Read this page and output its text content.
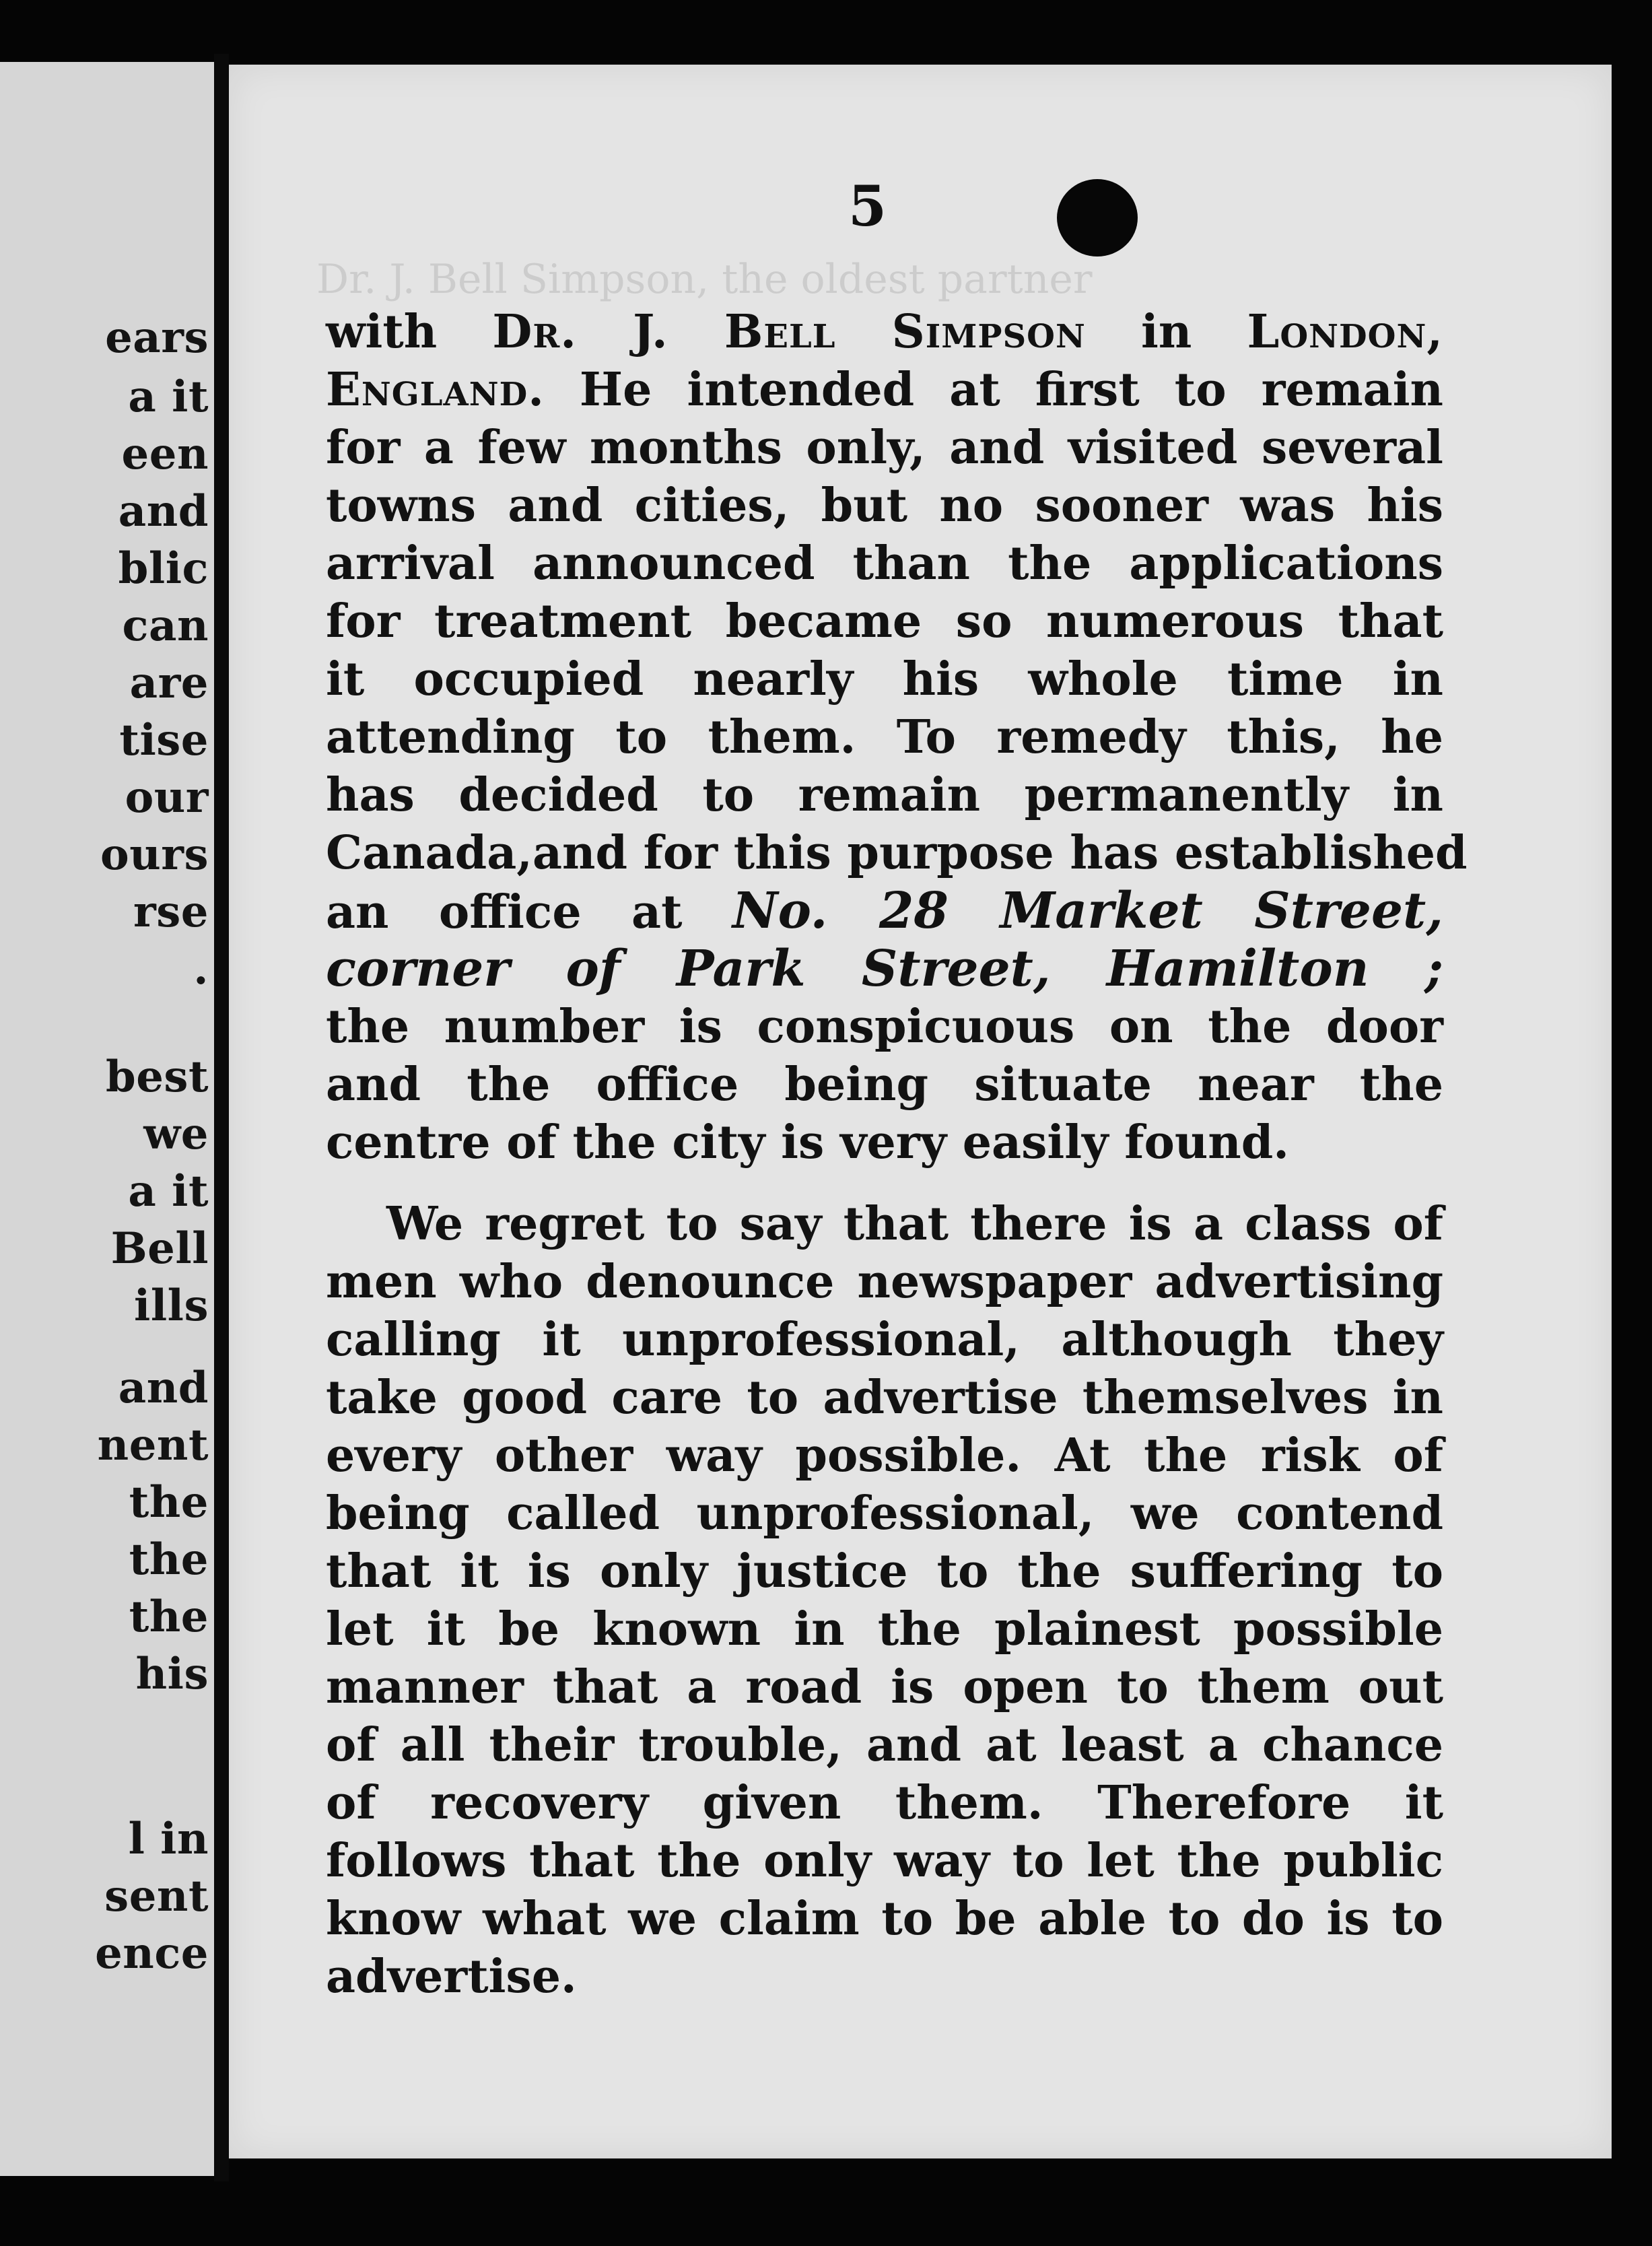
ears

a it

een

and

blic

can

are

tise

our

ours

rse

.

best

we

a it

Bell

ills

and

nent

the

the

the

his

l in

sent

ence

5

Dr. J. Bell Simpson, the oldest partner

with Dr. J. Bell Simpson in London,
England. He intended at first to remain
for a few months only, and visited several
towns and cities, but no sooner was his
arrival announced than the applications
for treatment became so numerous that
it occupied nearly his whole time in
attending to them. To remedy this, he
has decided to remain permanently in
Canada,and for this purpose has established
an office at No. 28 Market Street,
corner of Park Street, Hamilton ;
the number is conspicuous on the door
and the office being situate near the
centre of the city is very easily found.
We regret to say that there is a class of
men who denounce newspaper advertising
calling it unprofessional, although they
take good care to advertise themselves in
every other way possible. At the risk of
being called unprofessional, we contend
that it is only justice to the suffering to
let it be known in the plainest possible
manner that a road is open to them out
of all their trouble, and at least a chance
of recovery given them. Therefore it
follows that the only way to let the public
know what we claim to be able to do is to
advertise.
